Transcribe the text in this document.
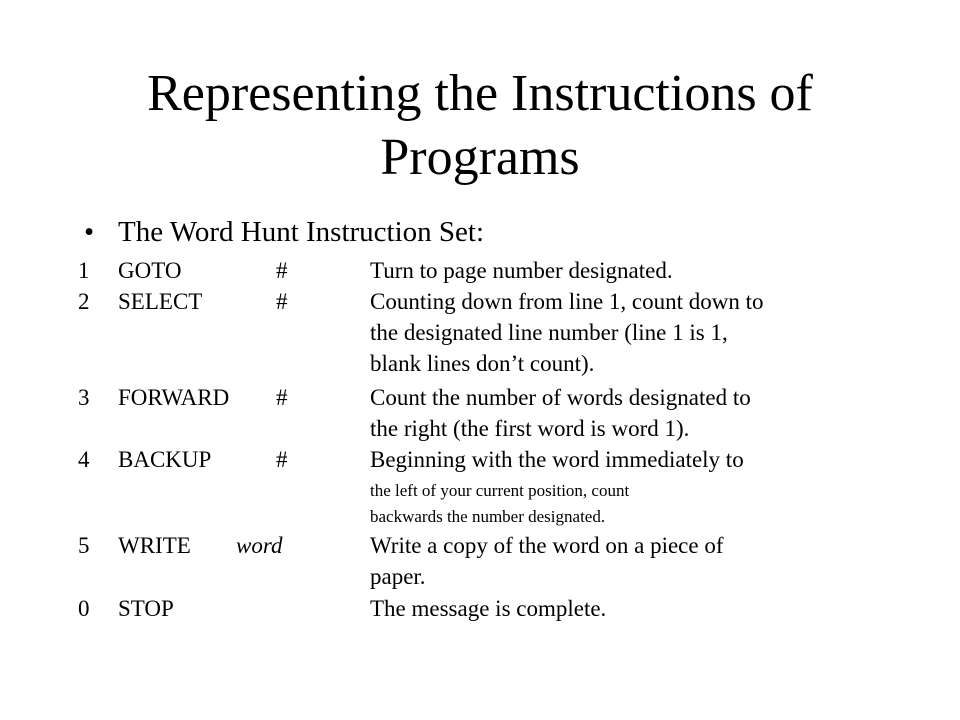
Representing the Instructions of
Programs
• The Word Hunt Instruction Set:
1 GOTO	#	Turn to page number designated.
2 SELECT	#	Counting down from line 1, count down to
the designated line number (line 1 is 1,
blank lines don’t count).
3 FORWARD #	Count the number of words designated to
the right (the first word is word 1).
4 BACKUP	#	Beginning with the word immediately to
the left of your current position, count
backwards the number designated.
5 WRITE word	Write a copy of the word on a piece of
paper.
0 STOP	The message is complete.
